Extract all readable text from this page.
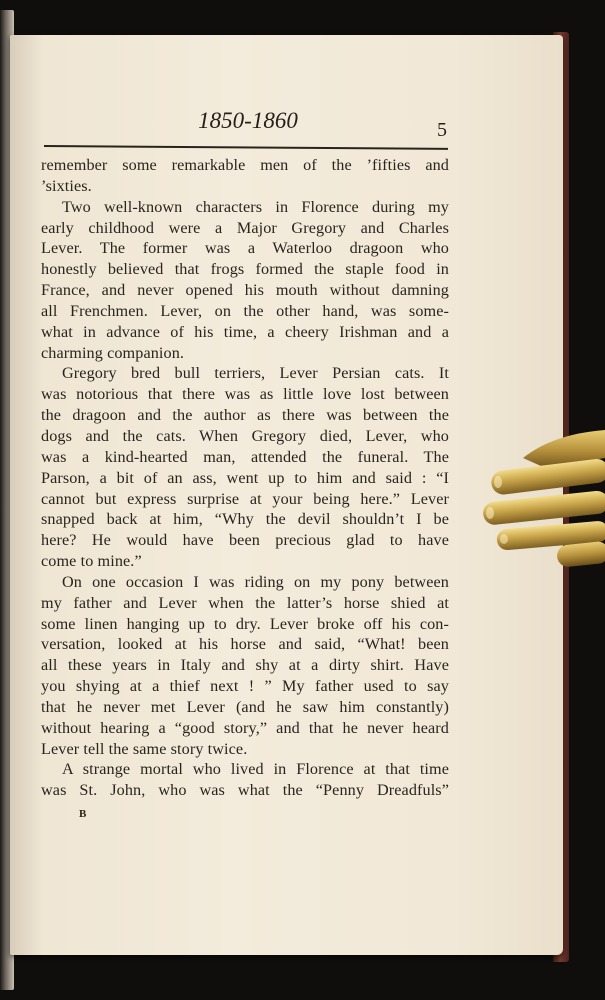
1850-1860	5
remember some remarkable men of the ’fifties and
’sixties.
Two well-known characters in Florence during my
early childhood were a Major Gregory and Charles
Lever. The former was a Waterloo dragoon who
honestly believed that frogs formed the staple food in
France, and never opened his mouth without damning
all Frenchmen. Lever, on the other hand, was some-
what in advance of his time, a cheery Irishman and a
charming companion.
Gregory bred bull terriers, Lever Persian cats. It
was notorious that there was as little love lost between
the dragoon and the author as there was between the
dogs and the cats. When Gregory died, Lever, who
was a kind-hearted man, attended the funeral. The
Parson, a bit of an ass, went up to him and said : “I
cannot but express surprise at your being here.” Lever
snapped back at him, “Why the devil shouldn’t I be
here? He would have been precious glad to have
come to mine.”
On one occasion I was riding on my pony between
my father and Lever when the latter’s horse shied at
some linen hanging up to dry. Lever broke off his con-
versation, looked at his horse and said, “What! been
all these years in Italy and shy at a dirty shirt. Have
you shying at a thief next ! ” My father used to say
that he never met Lever (and he saw him constantly)
without hearing a “good story,” and that he never heard
Lever tell the same story twice.
A strange mortal who lived in Florence at that time
was St. John, who was what the “Penny Dreadfuls”
B
